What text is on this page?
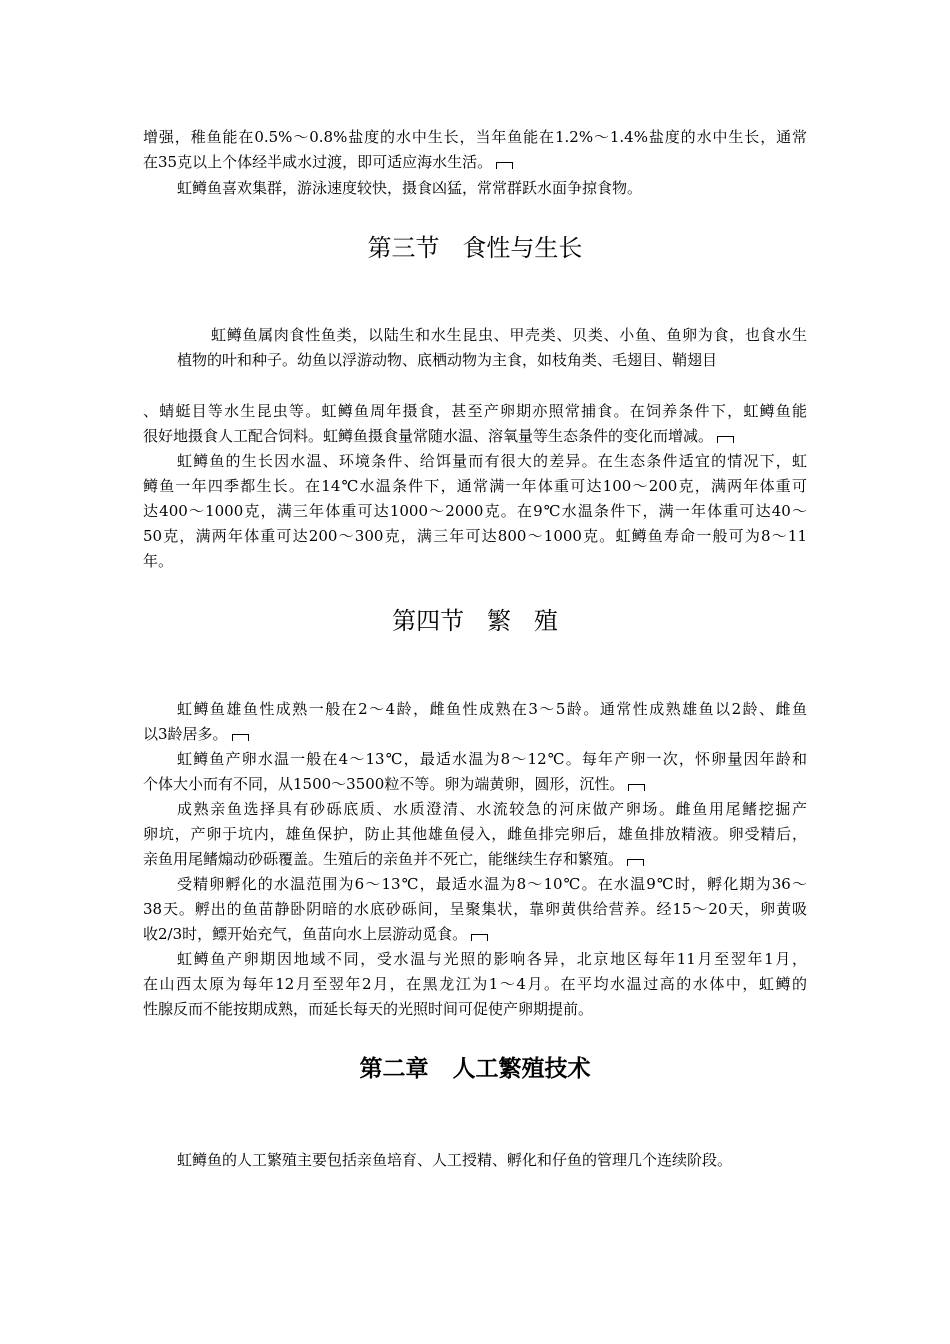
增强，稚鱼能在0.5%～0.8%盐度的水中生长，当年鱼能在1.2%～1.4%盐度的水中生长，通常
在35克以上个体经半咸水过渡，即可适应海水生活。
虹鳟鱼喜欢集群，游泳速度较快，摄食凶猛，常常群跃水面争掠食物。
第三节   食性与生长
虹鳟鱼属肉食性鱼类，以陆生和水生昆虫、甲壳类、贝类、小鱼、鱼卵为食，也食水生
植物的叶和种子。幼鱼以浮游动物、底栖动物为主食，如枝角类、毛翅目、鞘翅目
、蜻蜓目等水生昆虫等。虹鳟鱼周年摄食，甚至产卵期亦照常捕食。在饲养条件下，虹鳟鱼能
很好地摄食人工配合饲料。虹鳟鱼摄食量常随水温、溶氧量等生态条件的变化而增减。
虹鳟鱼的生长因水温、环境条件、给饵量而有很大的差异。在生态条件适宜的情况下，虹
鳟鱼一年四季都生长。在14℃水温条件下，通常满一年体重可达100～200克，满两年体重可
达400～1000克，满三年体重可达1000～2000克。在9℃水温条件下，满一年体重可达40～
50克，满两年体重可达200～300克，满三年可达800～1000克。虹鳟鱼寿命一般可为8～11
年。
第四节   繁   殖
虹鳟鱼雄鱼性成熟一般在2～4龄，雌鱼性成熟在3～5龄。通常性成熟雄鱼以2龄、雌鱼
以3龄居多。
虹鳟鱼产卵水温一般在4～13℃，最适水温为8～12℃。每年产卵一次，怀卵量因年龄和
个体大小而有不同，从1500～3500粒不等。卵为端黄卵，圆形，沉性。
成熟亲鱼选择具有砂砾底质、水质澄清、水流较急的河床做产卵场。雌鱼用尾鳍挖掘产
卵坑，产卵于坑内，雄鱼保护，防止其他雄鱼侵入，雌鱼排完卵后，雄鱼排放精液。卵受精后，
亲鱼用尾鳍煽动砂砾覆盖。生殖后的亲鱼并不死亡，能继续生存和繁殖。
受精卵孵化的水温范围为6～13℃，最适水温为8～10℃。在水温9℃时，孵化期为36～
38天。孵出的鱼苗静卧阴暗的水底砂砾间，呈聚集状，靠卵黄供给营养。经15～20天，卵黄吸
收2/3时，鳔开始充气，鱼苗向水上层游动觅食。
虹鳟鱼产卵期因地域不同，受水温与光照的影响各异，北京地区每年11月至翌年1月，
在山西太原为每年12月至翌年2月，在黑龙江为1～4月。在平均水温过高的水体中，虹鳟的
性腺反而不能按期成熟，而延长每天的光照时间可促使产卵期提前。
第二章   人工繁殖技术
虹鳟鱼的人工繁殖主要包括亲鱼培育、人工授精、孵化和仔鱼的管理几个连续阶段。
